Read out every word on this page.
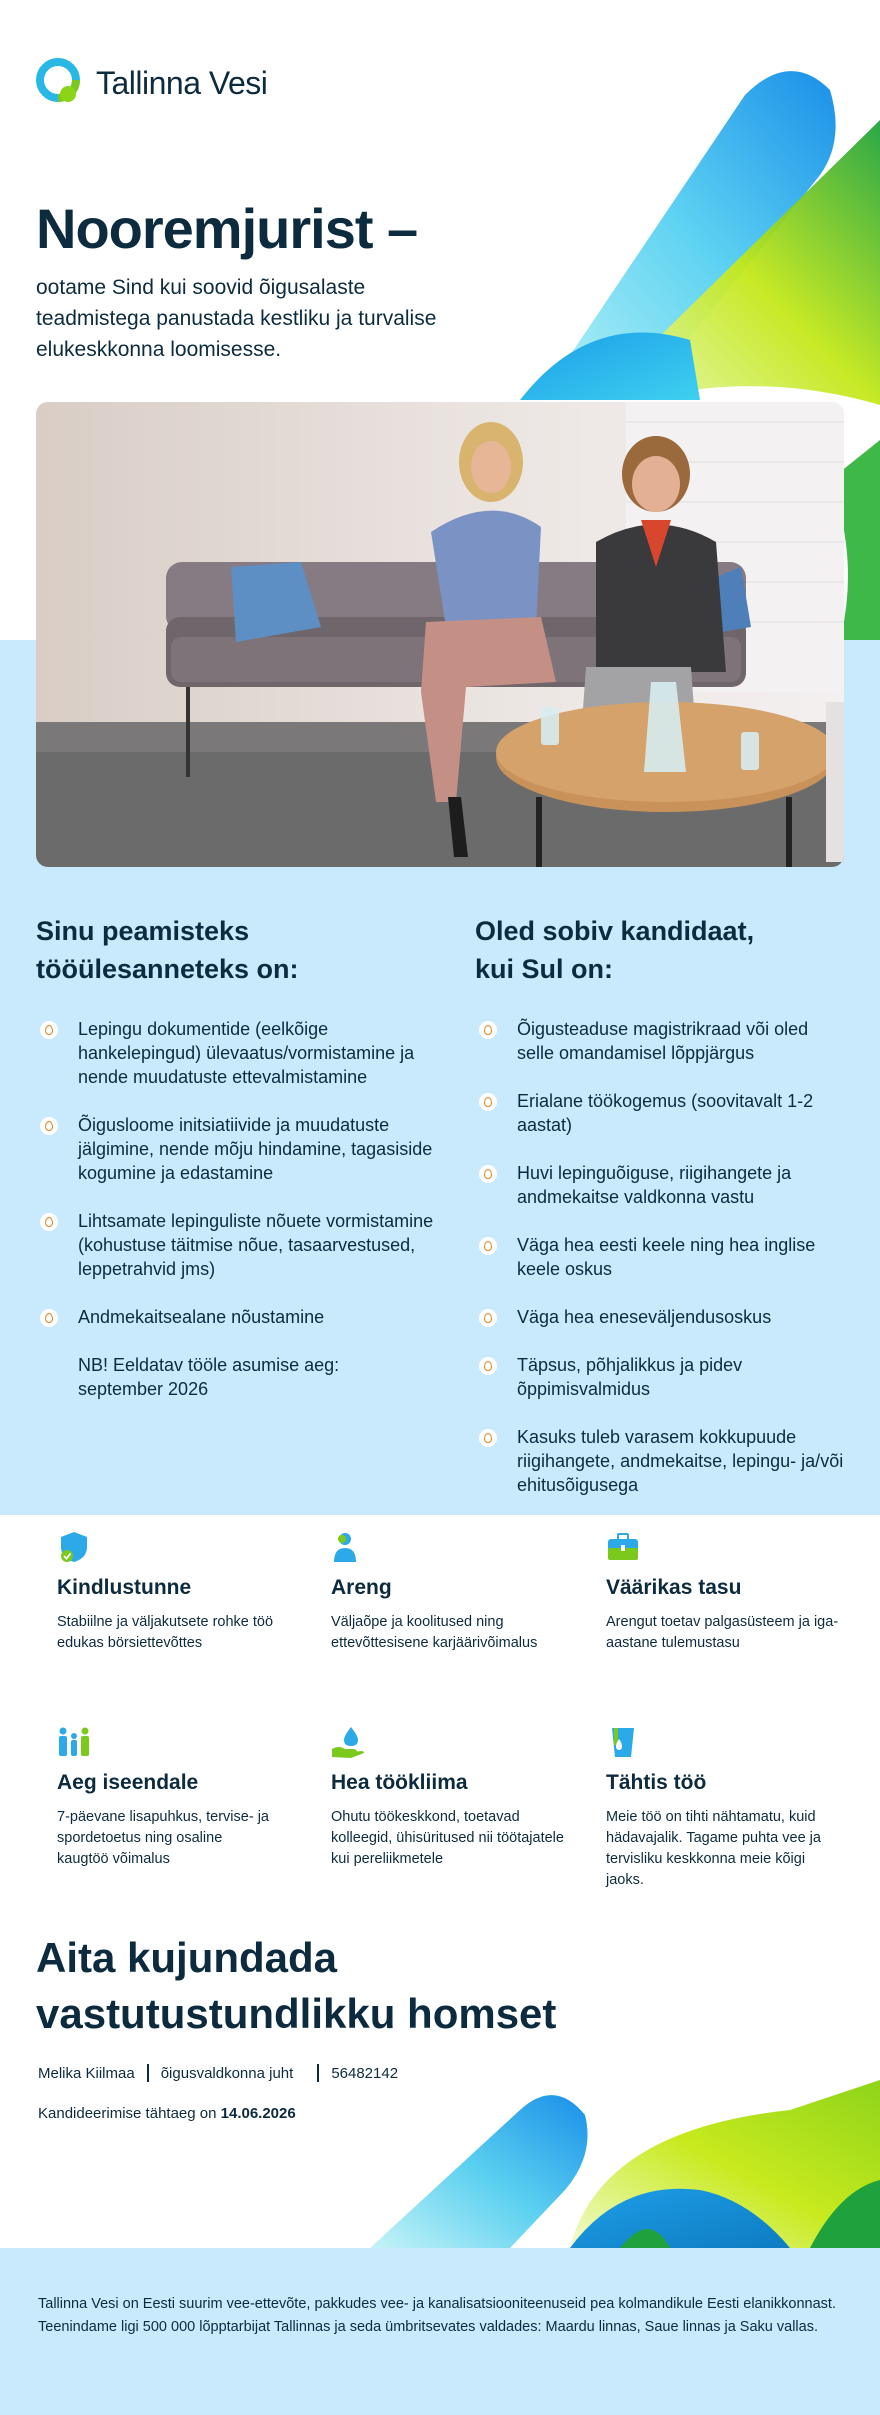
Tallinna Vesi
Nooremjurist –

ootame Sind kui soovid õigusalaste teadmistega panustada kestliku ja turvalise elukeskkonna loomisesse.

Sinu peamisteks
tööülesanneteks on:
Lepingu dokumentide (eelkõige hankelepingud) ülevaatus/vormistamine ja nende muudatuste ettevalmistamine
Õigusloome initsiatiivide ja muudatuste jälgimine, nende mõju hindamine, tagasiside kogumine ja edastamine
Lihtsamate lepinguliste nõuete vormistamine (kohustuse täitmise nõue, tasaarvestused, leppetrahvid jms)
Andmekaitsealane nõustamine
NB! Eeldatav tööle asumise aeg: september 2026
Oled sobiv kandidaat,
kui Sul on:
Õigusteaduse magistrikraad või oled selle omandamisel lõppjärgus
Erialane töökogemus (soovitavalt 1-2 aastat)
Huvi lepinguõiguse, riigihangete ja andmekaitse valdkonna vastu
Väga hea eesti keele ning hea inglise keele oskus
Väga hea eneseväljendusoskus
Täpsus, põhjalikkus ja pidev õppimisvalmidus
Kasuks tuleb varasem kokkupuude riigihangete, andmekaitse, lepingu- ja/või ehitusõigusega
Kindlustunne
Stabiilne ja väljakutsete rohke töö edukas börsiettevõttes
Areng
Väljaõpe ja koolitused ning ettevõttesisene karjäärivõimalus
Väärikas tasu
Arengut toetav palgasüsteem ja iga-aastane tulemustasu
Aeg iseendale
7-päevane lisapuhkus, tervise- ja spordetoetus ning osaline kaugtöö võimalus
Hea töökliima
Ohutu töökeskkond, toetavad kolleegid, ühisüritused nii töötajatele kui pereliikmetele
Tähtis töö
Meie töö on tihti nähtamatu, kuid hädavajalik. Tagame puhta vee ja tervisliku keskkonna meie kõigi jaoks.
Aita kujundada vastutustundlikku homset
Melika Kiilmaa õigusvaldkonna juht	56482142
Kandideerimise tähtaeg on 14.06.2026

Tallinna Vesi on Eesti suurim vee-ettevõte, pakkudes vee- ja kanalisatsiooniteenuseid pea kolmandikule Eesti elanikkonnast. Teenindame ligi 500 000 lõpptarbijat Tallinnas ja seda ümbritsevates valdades: Maardu linnas, Saue linnas ja Saku vallas.
